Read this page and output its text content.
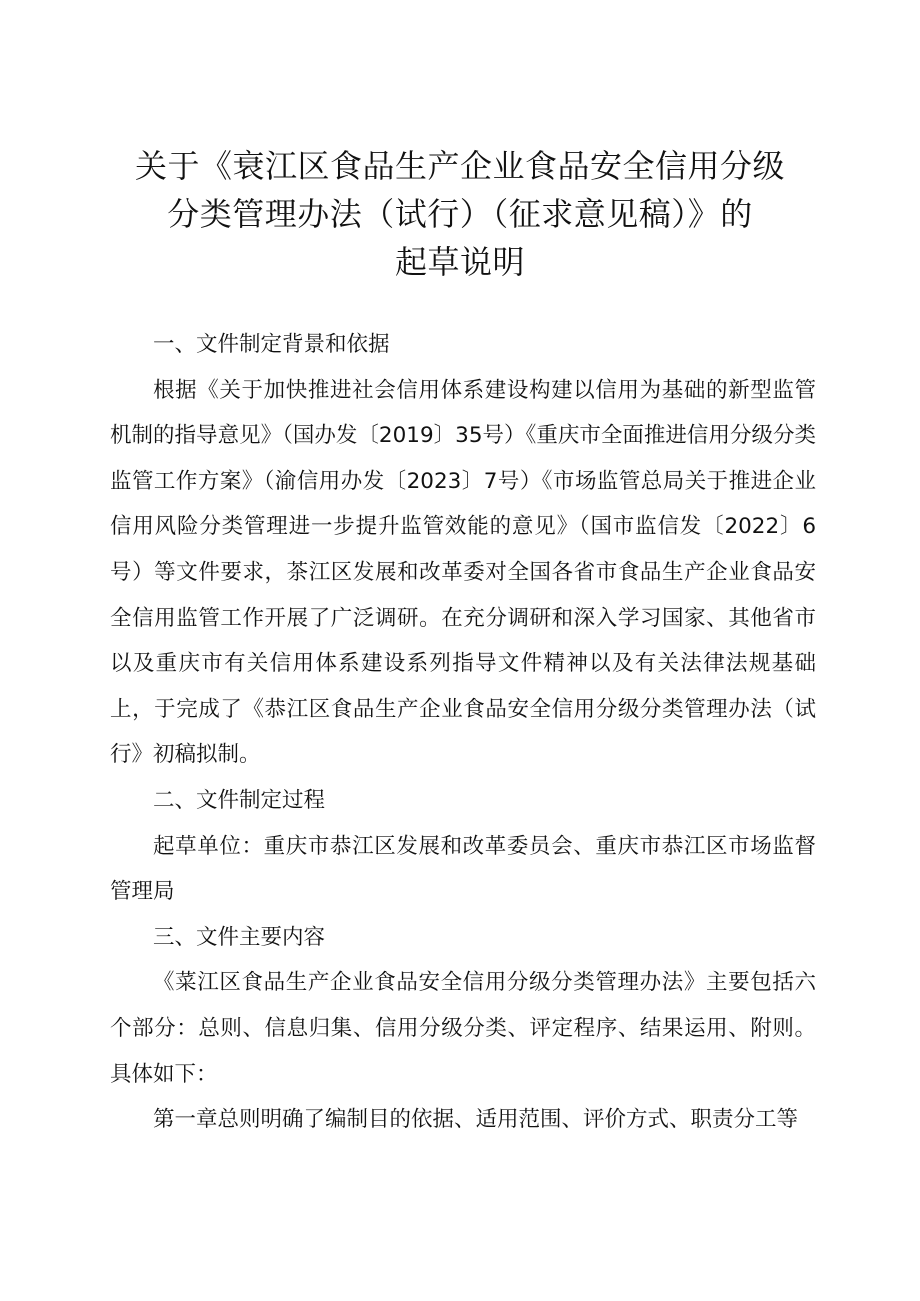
关于《衰江区食品生产企业食品安全信用分级
分类管理办法（试行）（征求意见稿）》的
起草说明

一、文件制定背景和依据

根据《关于加快推进社会信用体系建设构建以信用为基础的新型监管机制的指导意见》（国办发〔2019〕35号）《重庆市全面推进信用分级分类监管工作方案》（渝信用办发〔2023〕7号）《市场监管总局关于推进企业信用风险分类管理进一步提升监管效能的意见》（国市监信发〔2022〕6号）等文件要求，茶江区发展和改革委对全国各省市食品生产企业食品安全信用监管工作开展了广泛调研。在充分调研和深入学习国家、其他省市以及重庆市有关信用体系建设系列指导文件精神以及有关法律法规基础上，于完成了《恭江区食品生产企业食品安全信用分级分类管理办法（试行》初稿拟制。

二、文件制定过程

起草单位：重庆市恭江区发展和改革委员会、重庆市恭江区市场监督管理局

三、文件主要内容

《菜江区食品生产企业食品安全信用分级分类管理办法》主要包括六个部分：总则、信息归集、信用分级分类、评定程序、结果运用、附则。具体如下：

第一章总则明确了编制目的依据、适用范围、评价方式、职责分工等
